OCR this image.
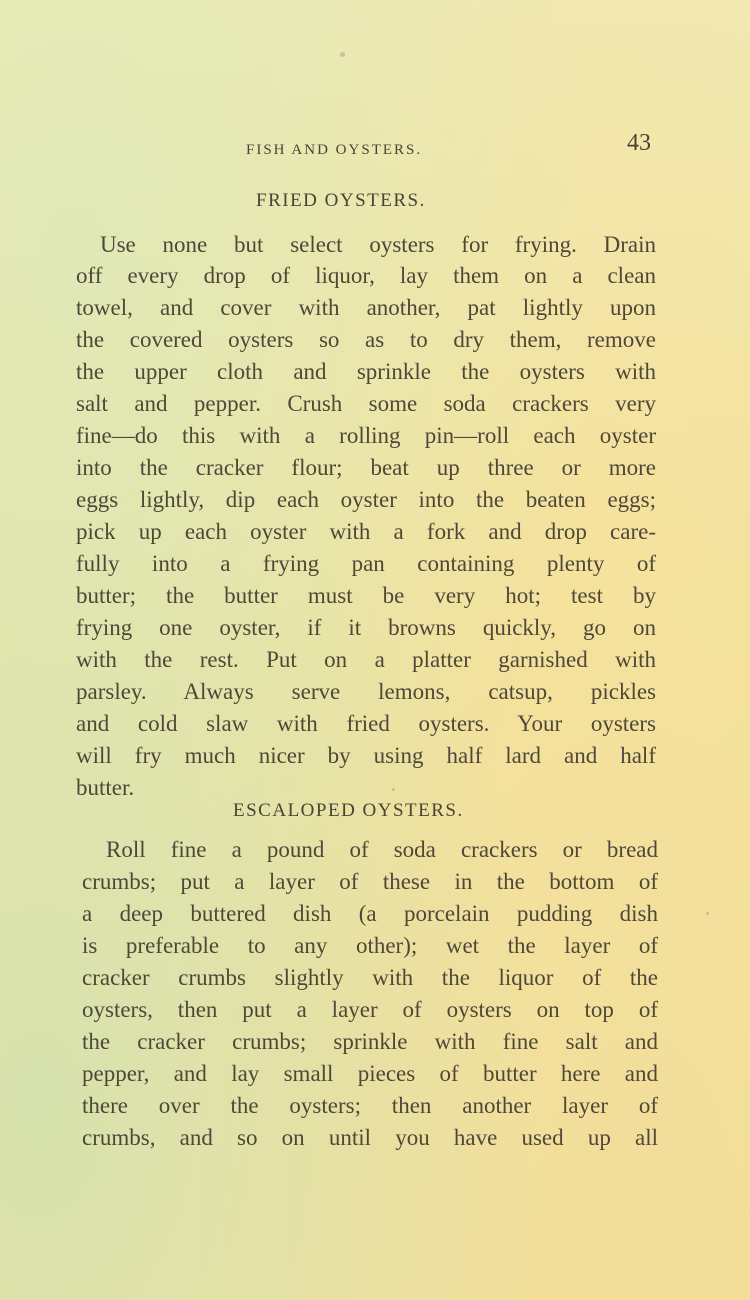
FISH AND OYSTERS.	43
FRIED OYSTERS.
Use none but select oysters for frying. Drain
off every drop of liquor, lay them on a clean
towel, and cover with another, pat lightly upon
the covered oysters so as to dry them, remove
the upper cloth and sprinkle the oysters with
salt and pepper. Crush some soda crackers very
fine—do this with a rolling pin—roll each oyster
into the cracker flour; beat up three or more
eggs lightly, dip each oyster into the beaten eggs;
pick up each oyster with a fork and drop care-
fully into a frying pan containing plenty of
butter; the butter must be very hot; test by
frying one oyster, if it browns quickly, go on
with the rest. Put on a platter garnished with
parsley. Always serve lemons, catsup, pickles
and cold slaw with fried oysters. Your oysters
will fry much nicer by using half lard and half
butter.
ESCALOPED OYSTERS.
Roll fine a pound of soda crackers or bread
crumbs; put a layer of these in the bottom of
a deep buttered dish (a porcelain pudding dish
is preferable to any other); wet the layer of
cracker crumbs slightly with the liquor of the
oysters, then put a layer of oysters on top of
the cracker crumbs; sprinkle with fine salt and
pepper, and lay small pieces of butter here and
there over the oysters; then another layer of
crumbs, and so on until you have used up all
